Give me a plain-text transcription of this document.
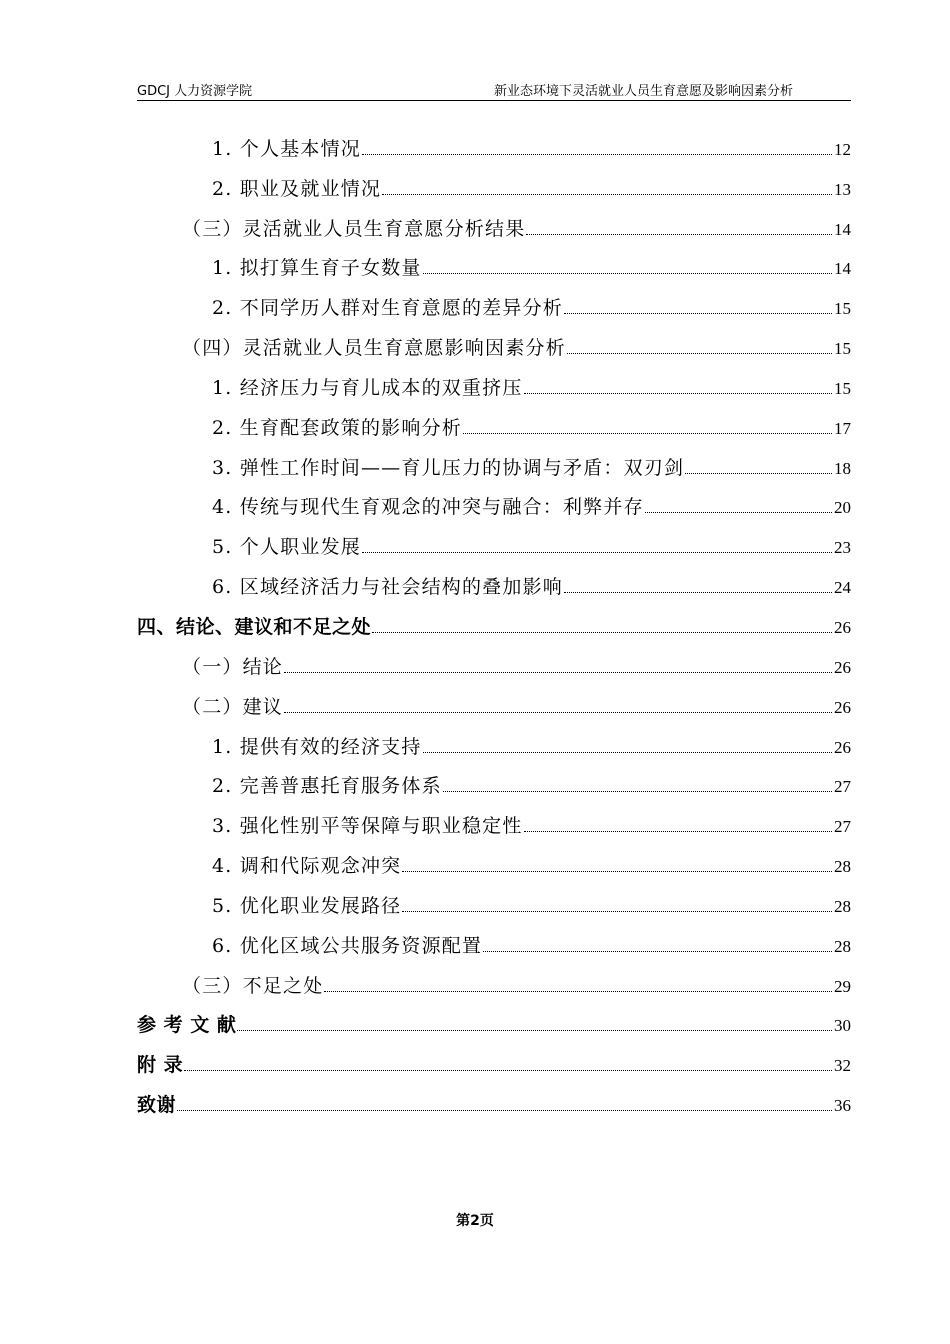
GDCJ 人力资源学院	新业态环境下灵活就业人员生育意愿及影响因素分析
1. 个人基本情况	12
2. 职业及就业情况	13
（三）灵活就业人员生育意愿分析结果	14
1. 拟打算生育子女数量	14
2. 不同学历人群对生育意愿的差异分析	15
（四）灵活就业人员生育意愿影响因素分析	15
1. 经济压力与育儿成本的双重挤压	15
2. 生育配套政策的影响分析	17
3. 弹性工作时间——育儿压力的协调与矛盾：双刃剑	18
4. 传统与现代生育观念的冲突与融合：利弊并存	20
5. 个人职业发展	23
6. 区域经济活力与社会结构的叠加影响	24
四、结论、建议和不足之处	26
（一）结论	26
（二）建议	26
1. 提供有效的经济支持	26
2. 完善普惠托育服务体系	27
3. 强化性别平等保障与职业稳定性	27
4. 调和代际观念冲突	28
5. 优化职业发展路径	28
6. 优化区域公共服务资源配置	28
（三）不足之处	29
参 考 文 献	30
附 录	32
致谢	36
第2页
